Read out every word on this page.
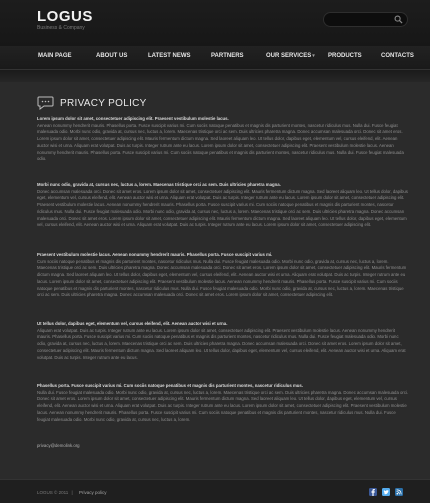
LOGUS
Business & Company
MAIN PAGE	ABOUT US	LATEST NEWS	PARTNERS	OUR SERVICES▾ PRODUCTS	CONTACTS
PRIVACY POLICY
Lorem ipsum dolor sit amet, consectetuer adipiscing elit. Praesent vestibulum molestie lacus.
Aenean nonummy hendrerit mauris. Phasellus porta. Fusce suscipit varius mi. Cum sociis natoque penatibus et magnis dis parturient montes, nascetur ridiculus mus. Nulla dui. Fusce feugiat malesuada odio. Morbi nunc odio, gravida at, cursus nec, luctus a, lorem. Maecenas tristique orci ac sem. Duis ultricies pharetra magna. Donec accumsan malesuada orci. Donec sit amet eros. Lorem ipsum dolor sit amet, consectetuer adipiscing elit. Mauris fermentum dictum magna. Sed laoreet aliquam leo. Ut tellus dolor, dapibus eget, elementum vel, cursus eleifend, elit. Aenean auctor wisi et urna. Aliquam erat volutpat. Duis ac turpis. Integer rutrum ante eu lacus. Lorem ipsum dolor sit amet, consectetuer adipiscing elit. Praesent vestibulum molestie lacus. Aenean nonummy hendrerit mauris. Phasellus porta. Fusce suscipit varius mi. Cum sociis natoque penatibus et magnis dis parturient montes, nascetur ridiculus mus. Nulla dui. Fusce feugiat malesuada odio.
Morbi nunc odio, gravida at, cursus nec, luctus a, lorem. Maecenas tristique orci ac sem. Duis ultricies pharetra magna.
Donec accumsan malesuada orci. Donec sit amet eros. Lorem ipsum dolor sit amet, consectetuer adipiscing elit. Mauris fermentum dictum magna. Sed laoreet aliquam leo. Ut tellus dolor, dapibus eget, elementum vel, cursus eleifend, elit. Aenean auctor wisi et urna. Aliquam erat volutpat. Duis ac turpis. Integer rutrum ante eu lacus. Lorem ipsum dolor sit amet, consectetuer adipiscing elit. Praesent vestibulum molestie lacus. Aenean nonummy hendrerit mauris. Phasellus porta. Fusce suscipit varius mi. Cum sociis natoque penatibus et magnis dis parturient montes, nascetur ridiculus mus. Nulla dui. Fusce feugiat malesuada odio. Morbi nunc odio, gravida at, cursus nec, luctus a, lorem. Maecenas tristique orci ac sem. Duis ultricies pharetra magna. Donec accumsan malesuada orci. Donec sit amet eros. Lorem ipsum dolor sit amet, consectetuer adipiscing elit. Mauris fermentum dictum magna. Sed laoreet aliquam leo. Ut tellus dolor, dapibus eget, elementum vel, cursus eleifend, elit. Aenean auctor wisi et urna. Aliquam erat volutpat. Duis ac turpis. Integer rutrum ante eu lacus. Lorem ipsum dolor sit amet, consectetuer adipiscing elit.
Praesent vestibulum molestie lacus. Aenean nonummy hendrerit mauris. Phasellus porta. Fusce suscipit varius mi.
Cum sociis natoque penatibus et magnis dis parturient montes, nascetur ridiculus mus. Nulla dui. Fusce feugiat malesuada odio. Morbi nunc odio, gravida at, cursus nec, luctus a, lorem. Maecenas tristique orci ac sem. Duis ultricies pharetra magna. Donec accumsan malesuada orci. Donec sit amet eros. Lorem ipsum dolor sit amet, consectetuer adipiscing elit. Mauris fermentum dictum magna. Sed laoreet aliquam leo. Ut tellus dolor, dapibus eget, elementum vel, cursus eleifend, elit. Aenean auctor wisi et urna. Aliquam erat volutpat. Duis ac turpis. Integer rutrum ante eu lacus. Lorem ipsum dolor sit amet, consectetuer adipiscing elit. Praesent vestibulum molestie lacus. Aenean nonummy hendrerit mauris. Phasellus porta. Fusce suscipit varius mi. Cum sociis natoque penatibus et magnis dis parturient montes, nascetur ridiculus mus. Nulla dui. Fusce feugiat malesuada odio. Morbi nunc odio, gravida at, cursus nec, luctus a, lorem. Maecenas tristique orci ac sem. Duis ultricies pharetra magna. Donec accumsan malesuada orci. Donec sit amet eros. Lorem ipsum dolor sit amet, consectetuer adipiscing elit.
Ut tellus dolor, dapibus eget, elementum vel, cursus eleifend, elit. Aenean auctor wisi et urna.
Aliquam erat volutpat. Duis ac turpis. Integer rutrum ante eu lacus. Lorem ipsum dolor sit amet, consectetuer adipiscing elit. Praesent vestibulum molestie lacus. Aenean nonummy hendrerit mauris. Phasellus porta. Fusce suscipit varius mi. Cum sociis natoque penatibus et magnis dis parturient montes, nascetur ridiculus mus. Nulla dui. Fusce feugiat malesuada odio. Morbi nunc odio, gravida at, cursus nec, luctus a, lorem. Maecenas tristique orci ac sem. Duis ultricies pharetra magna. Donec accumsan malesuada orci. Donec sit amet eros. Lorem ipsum dolor sit amet, consectetuer adipiscing elit. Mauris fermentum dictum magna. Sed laoreet aliquam leo. Ut tellus dolor, dapibus eget, elementum vel, cursus eleifend, elit. Aenean auctor wisi et urna. Aliquam erat volutpat. Duis ac turpis. Integer rutrum ante eu lacus.
Phasellus porta. Fusce suscipit varius mi. Cum sociis natoque penatibus et magnis dis parturient montes, nascetur ridiculus mus.
Nulla dui. Fusce feugiat malesuada odio. Morbi nunc odio, gravida at, cursus nec, luctus a, lorem. Maecenas tristique orci ac sem. Duis ultricies pharetra magna. Donec accumsan malesuada orci. Donec sit amet eros. Lorem ipsum dolor sit amet, consectetuer adipiscing elit. Mauris fermentum dictum magna. Sed laoreet aliquam leo. Ut tellus dolor, dapibus eget, elementum vel, cursus eleifend, elit. Aenean auctor wisi et urna. Aliquam erat volutpat. Duis ac turpis. Integer rutrum ante eu lacus. Lorem ipsum dolor sit amet, consectetuer adipiscing elit. Praesent vestibulum molestie lacus. Aenean nonummy hendrerit mauris. Phasellus porta. Fusce suscipit varius mi. Cum sociis natoque penatibus et magnis dis parturient montes, nascetur ridiculus mus. Nulla dui. Fusce feugiat malesuada odio. Morbi nunc odio, gravida at, cursus nec, luctus a, lorem.
privacy@demolink.org
LOGUS © 2011 |	Privacy policy
